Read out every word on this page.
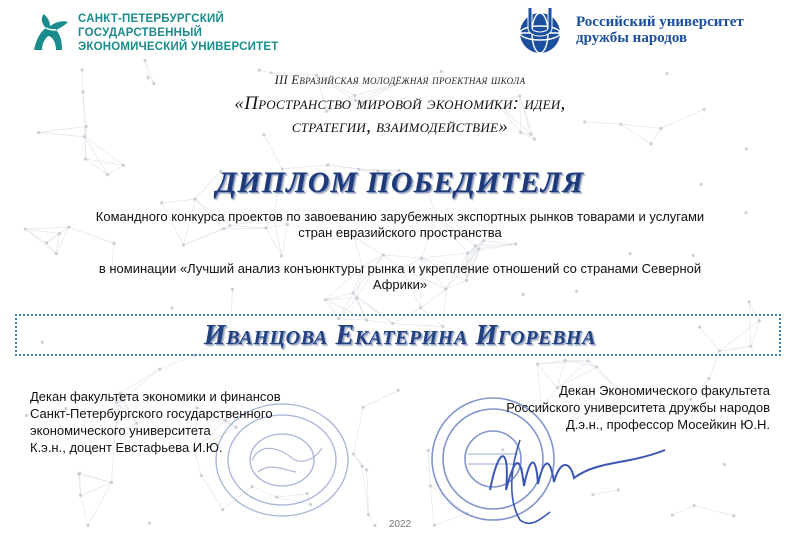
САНКТ-ПЕТЕРБУРГСКИЙ
ГОСУДАРСТВЕННЫЙ
ЭКОНОМИЧЕСКИЙ УНИВЕРСИТЕТ
Российский университет
дружбы народов
III Евразийская молодёжная проектная школа
«Пространство мировой экономики: идеи,
стратегии, взаимодействие»
ДИПЛОМ ПОБЕДИТЕЛЯ
Командного конкурса проектов по завоеванию зарубежных экспортных рынков товарами и услугами
стран евразийского пространства
в номинации «Лучший анализ конъюнктуры рынка и укрепление отношений со странами Северной
Африки»
Иванцова Екатерина Игоревна
Декан факультета экономики и финансов
Санкт-Петербургского государственного
экономического университета
К.э.н., доцент Евстафьева И.Ю.
Декан Экономического факультета
Российского университета дружбы народов
Д.э.н., профессор Мосейкин Ю.Н.
2022
